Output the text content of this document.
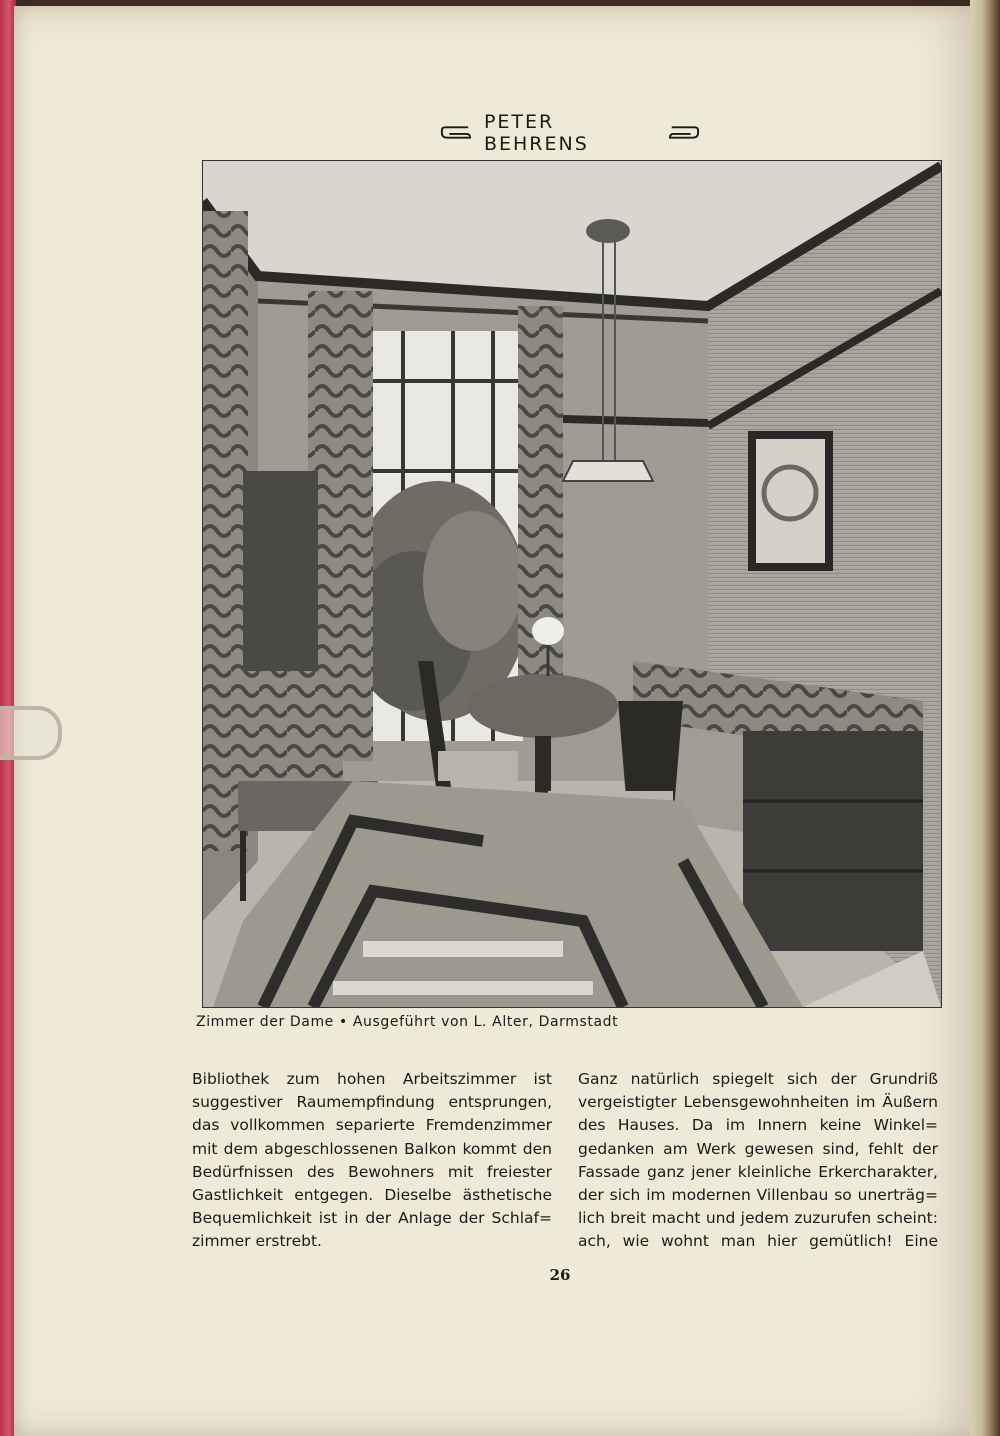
PETER BEHRENS
Zimmer der Dame • Ausgeführt von L. Alter, Darmstadt
Bibliothek zum hohen Arbeitszimmer ist
suggestiver Raumempfindung entsprungen,
das vollkommen separierte Fremdenzimmer
mit dem abgeschlossenen Balkon kommt den
Bedürfnissen des Bewohners mit freiester
Gastlichkeit entgegen. Dieselbe ästhetische
Bequemlichkeit ist in der Anlage der Schlaf=
zimmer erstrebt.
Ganz natürlich spiegelt sich der Grundriß
vergeistigter Lebensgewohnheiten im Äußern
des Hauses. Da im Innern keine Winkel=
gedanken am Werk gewesen sind, fehlt der
Fassade ganz jener kleinliche Erkercharakter,
der sich im modernen Villenbau so unerträg=
lich breit macht und jedem zuzurufen scheint:
ach, wie wohnt man hier gemütlich! Eine
26
